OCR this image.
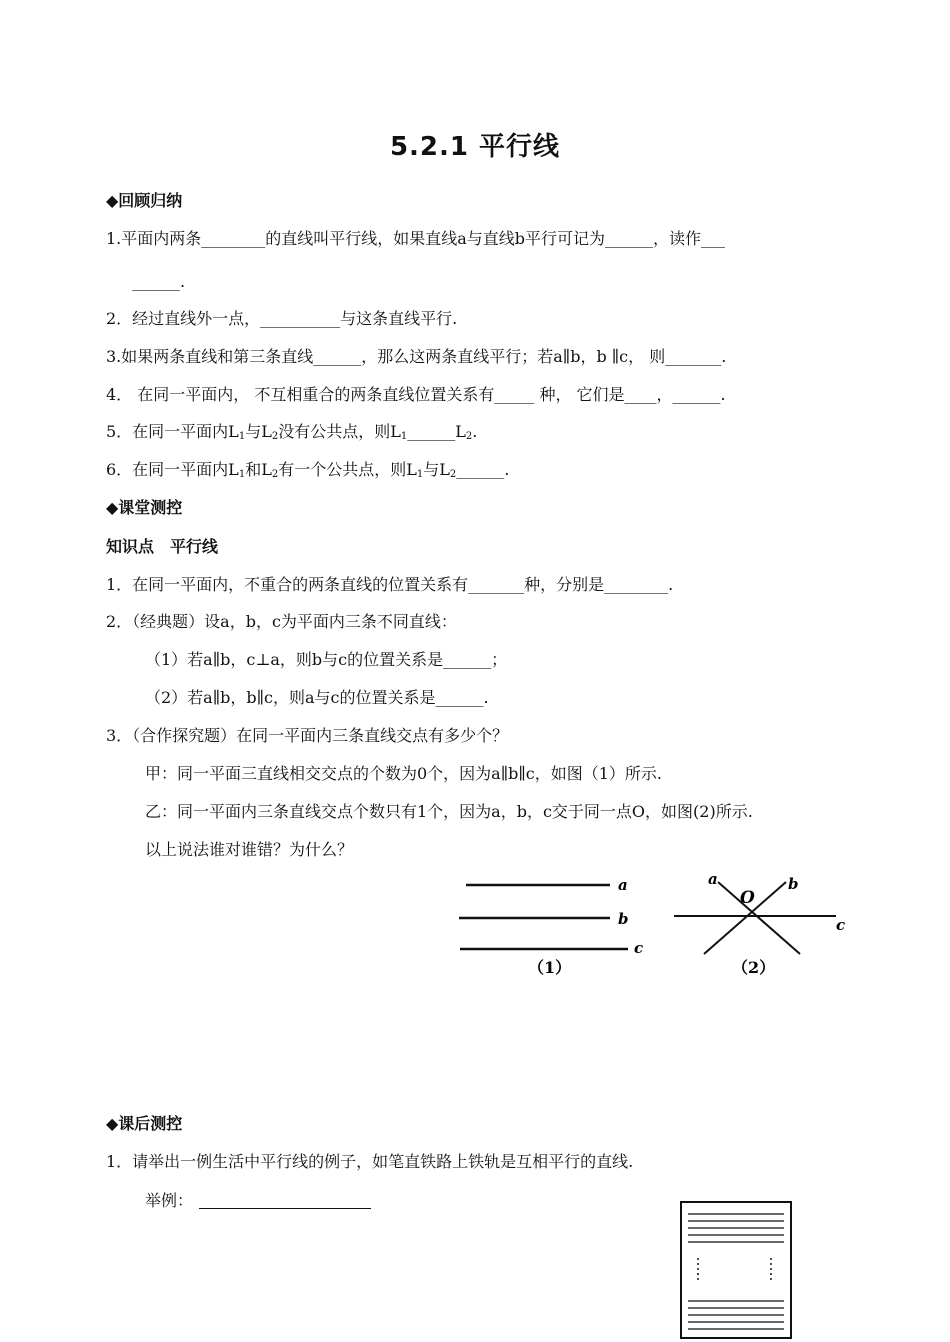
5.2.1 平行线
◆回顾归纳
1.平面内两条________的直线叫平行线，如果直线a与直线b平行可记为______，读作___
______.
2．经过直线外一点，__________与这条直线平行.
3.如果两条直线和第三条直线______，那么这两条直线平行；若a∥b，b ∥c， 则_______.
4． 在同一平面内， 不互相重合的两条直线位置关系有_____ 种， 它们是____，______.
5．在同一平面内$L_1$与$L_2$没有公共点，则$L_1\_\_\_\_\_\_L_2$.
6．在同一平面内$L_1$和$L_2$有一个公共点，则$L_1$与$L_2\_\_\_\_\_\_$.
◆课堂测控
知识点　平行线
1．在同一平面内，不重合的两条直线的位置关系有_______种，分别是________.
2．（经典题）设a，b，c为平面内三条不同直线：
（1）若a∥b，c⊥a，则b与c的位置关系是______；
（2）若a∥b，b∥c，则a与c的位置关系是______.
3．（合作探究题）在同一平面内三条直线交点有多少个？
甲：同一平面三直线相交交点的个数为0个，因为a∥b∥c，如图（1）所示.
乙：同一平面内三条直线交点个数只有1个，因为a，b，c交于同一点O，如图(2)所示.
以上说法谁对谁错？为什么？
a
b
c
（1）
a
O
b
c
（2）
◆课后测控
1．请举出一例生活中平行线的例子，如笔直铁路上铁轨是互相平行的直线.
举例：
